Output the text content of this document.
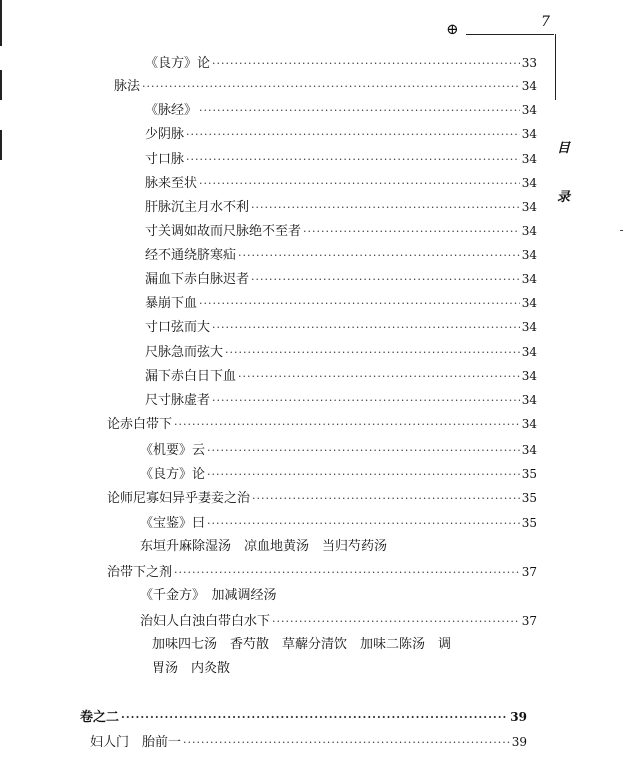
⊕	7
目
录
《良方》论 ·····	33
脉法 ·····	34
《脉经》 ·····	34
少阴脉 ·····	34
寸口脉 ·····	34
脉来至状 ·····	34
肝脉沉主月水不利 ·····	34
寸关调如故而尺脉绝不至者 ·····	34
经不通绕脐寒疝 ·····	34
漏血下赤白脉迟者 ·····	34
暴崩下血 ·····	34
寸口弦而大 ·····	34
尺脉急而弦大 ·····	34
漏下赤白日下血 ·····	34
尺寸脉虚者 ·····	34
论赤白带下 ·····	34
《机要》云 ·····	34
《良方》论 ·····	35
论师尼寡妇异乎妻妾之治 ·····	35
《宝鉴》曰 ·····	35
东垣升麻除湿汤　凉血地黄汤　当归芍药汤
治带下之剂 ·····	37
《千金方》　加减调经汤
治妇人白浊白带白水下 ·····	37
加味四七汤　香芍散　草薢分清饮　加味二陈汤　调
胃汤　内灸散
卷之二 ·····	39
妇人门　胎前一 ·····	39
